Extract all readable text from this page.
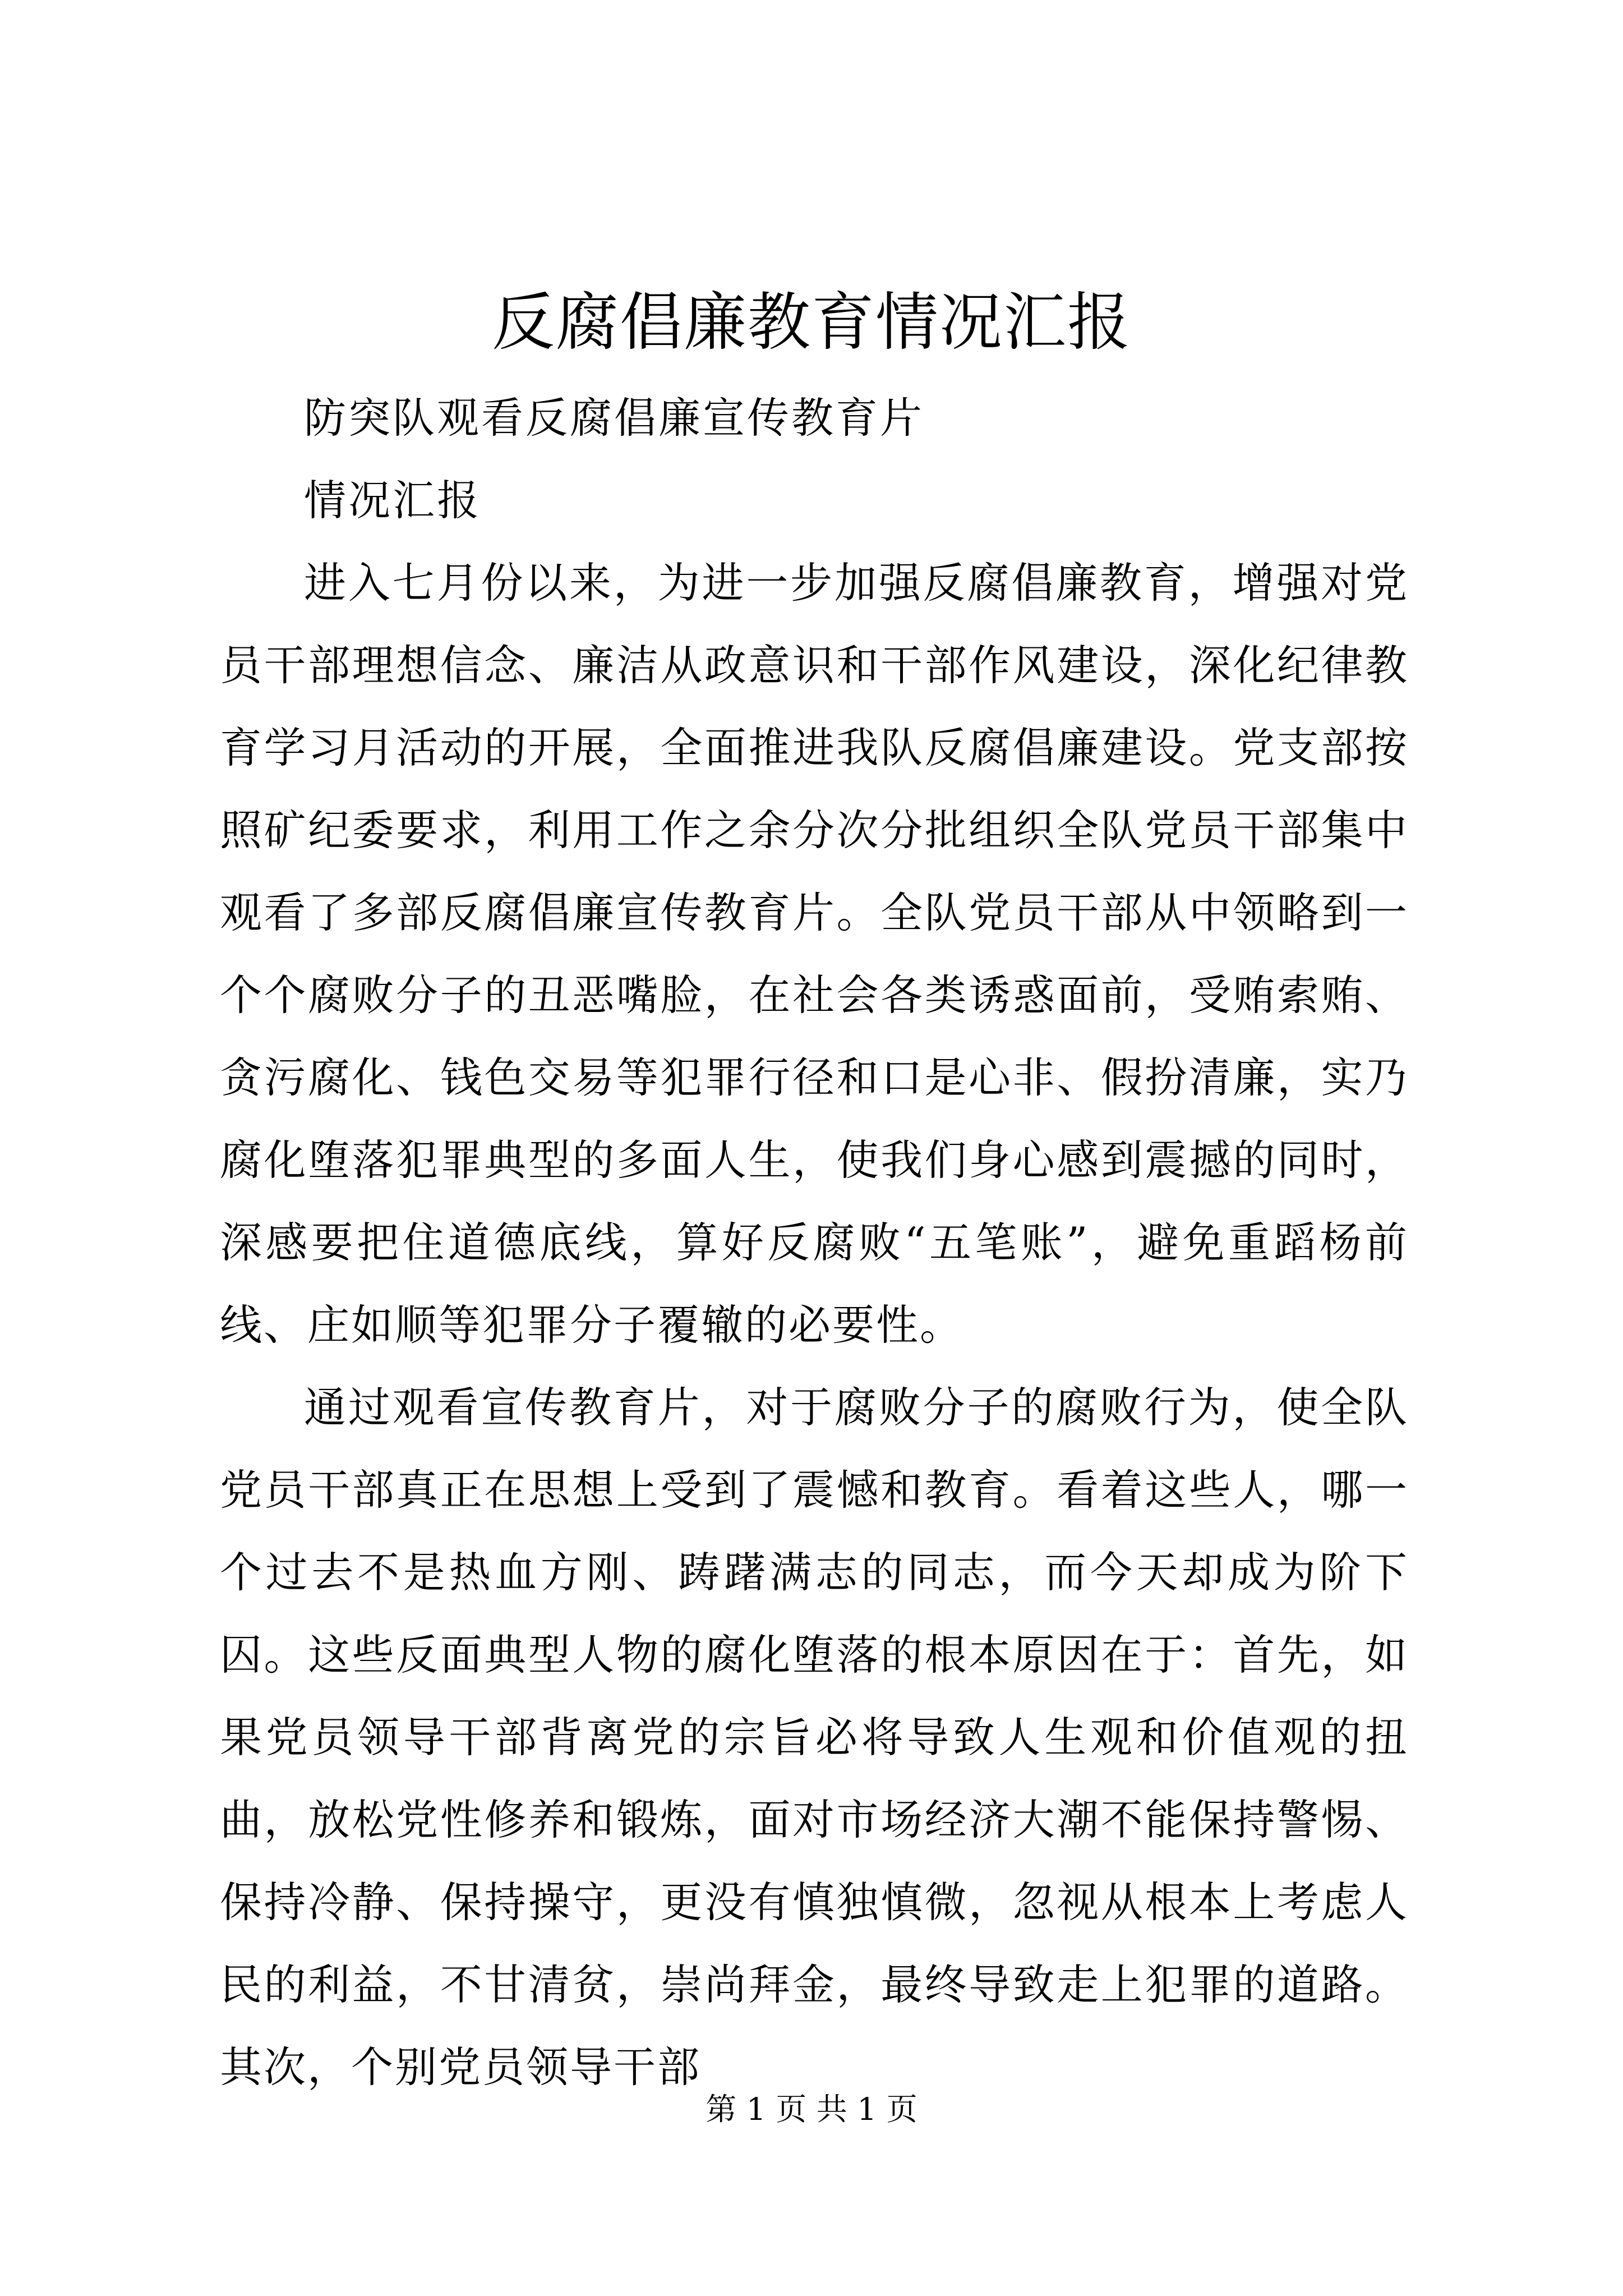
反腐倡廉教育情况汇报

防突队观看反腐倡廉宣传教育片

情况汇报

进入七月份以来，为进一步加强反腐倡廉教育，增强对党员干部理想信念、廉洁从政意识和干部作风建设，深化纪律教育学习月活动的开展，全面推进我队反腐倡廉建设。党支部按照矿纪委要求，利用工作之余分次分批组织全队党员干部集中观看了多部反腐倡廉宣传教育片。全队党员干部从中领略到一个个腐败分子的丑恶嘴脸，在社会各类诱惑面前，受贿索贿、贪污腐化、钱色交易等犯罪行径和口是心非、假扮清廉，实乃腐化堕落犯罪典型的多面人生，使我们身心感到震撼的同时，深感要把住道德底线，算好反腐败“五笔账”，避免重蹈杨前线、庄如顺等犯罪分子覆辙的必要性。

通过观看宣传教育片，对于腐败分子的腐败行为，使全队党员干部真正在思想上受到了震憾和教育。看着这些人，哪一个过去不是热血方刚、踌躇满志的同志，而今天却成为阶下囚。这些反面典型人物的腐化堕落的根本原因在于：首先，如果党员领导干部背离党的宗旨必将导致人生观和价值观的扭曲，放松党性修养和锻炼，面对市场经济大潮不能保持警惕、保持冷静、保持操守，更没有慎独慎微，忽视从根本上考虑人民的利益，不甘清贫，崇尚拜金，最终导致走上犯罪的道路。其次，个别党员领导干部

第 1 页 共 1 页
